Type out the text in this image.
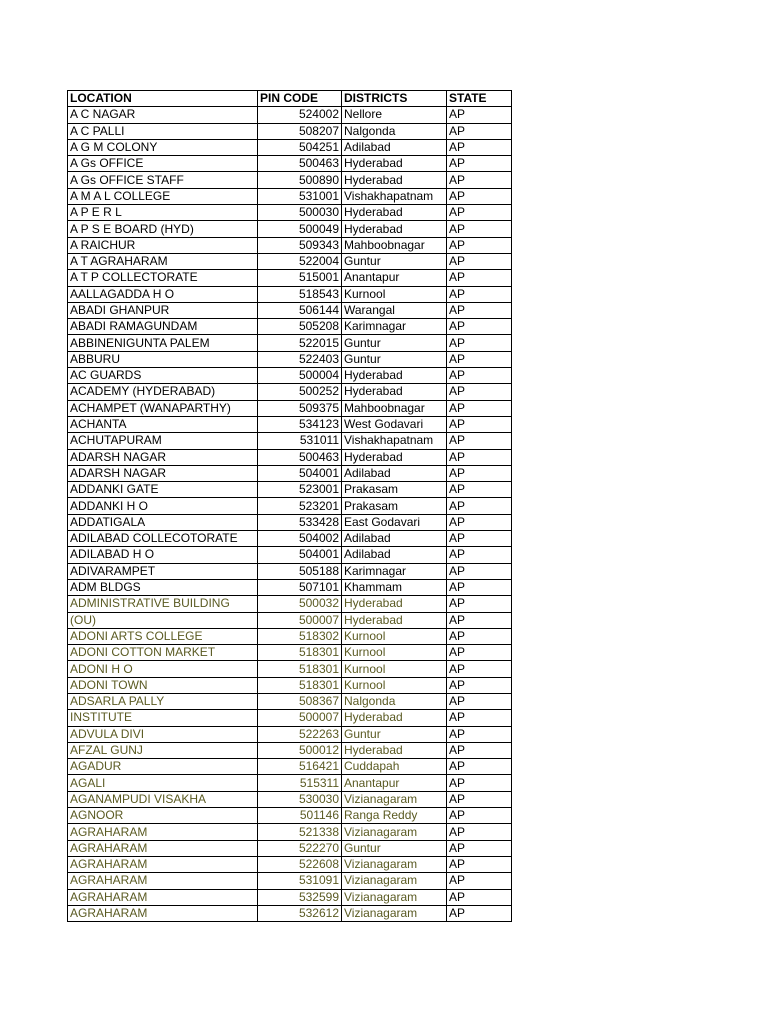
LOCATION	PIN CODE	DISTRICTS	STATE
A C NAGAR	524002	Nellore	AP
A C PALLI	508207	Nalgonda	AP
A G M COLONY	504251	Adilabad	AP
A Gs OFFICE	500463	Hyderabad	AP
A Gs OFFICE STAFF	500890	Hyderabad	AP
A M A L COLLEGE	531001	Vishakhapatnam	AP
A P E R L	500030	Hyderabad	AP
A P S E BOARD (HYD)	500049	Hyderabad	AP
A RAICHUR	509343	Mahboobnagar	AP
A T AGRAHARAM	522004	Guntur	AP
A T P COLLECTORATE	515001	Anantapur	AP
AALLAGADDA H O	518543	Kurnool	AP
ABADI GHANPUR	506144	Warangal	AP
ABADI RAMAGUNDAM	505208	Karimnagar	AP
ABBINENIGUNTA PALEM	522015	Guntur	AP
ABBURU	522403	Guntur	AP
AC GUARDS	500004	Hyderabad	AP
ACADEMY (HYDERABAD)	500252	Hyderabad	AP
ACHAMPET (WANAPARTHY)	509375	Mahboobnagar	AP
ACHANTA	534123	West Godavari	AP
ACHUTAPURAM	531011	Vishakhapatnam	AP
ADARSH NAGAR	500463	Hyderabad	AP
ADARSH NAGAR	504001	Adilabad	AP
ADDANKI GATE	523001	Prakasam	AP
ADDANKI H O	523201	Prakasam	AP
ADDATIGALA	533428	East Godavari	AP
ADILABAD COLLECOTORATE	504002	Adilabad	AP
ADILABAD H O	504001	Adilabad	AP
ADIVARAMPET	505188	Karimnagar	AP
ADM BLDGS	507101	Khammam	AP
ADMINISTRATIVE BUILDING	500032	Hyderabad	AP
(OU)	500007	Hyderabad	AP
ADONI ARTS COLLEGE	518302	Kurnool	AP
ADONI COTTON MARKET	518301	Kurnool	AP
ADONI H O	518301	Kurnool	AP
ADONI TOWN	518301	Kurnool	AP
ADSARLA PALLY	508367	Nalgonda	AP
INSTITUTE	500007	Hyderabad	AP
ADVULA DIVI	522263	Guntur	AP
AFZAL GUNJ	500012	Hyderabad	AP
AGADUR	516421	Cuddapah	AP
AGALI	515311	Anantapur	AP
AGANAMPUDI VISAKHA	530030	Vizianagaram	AP
AGNOOR	501146	Ranga Reddy	AP
AGRAHARAM	521338	Vizianagaram	AP
AGRAHARAM	522270	Guntur	AP
AGRAHARAM	522608	Vizianagaram	AP
AGRAHARAM	531091	Vizianagaram	AP
AGRAHARAM	532599	Vizianagaram	AP
AGRAHARAM	532612	Vizianagaram	AP
